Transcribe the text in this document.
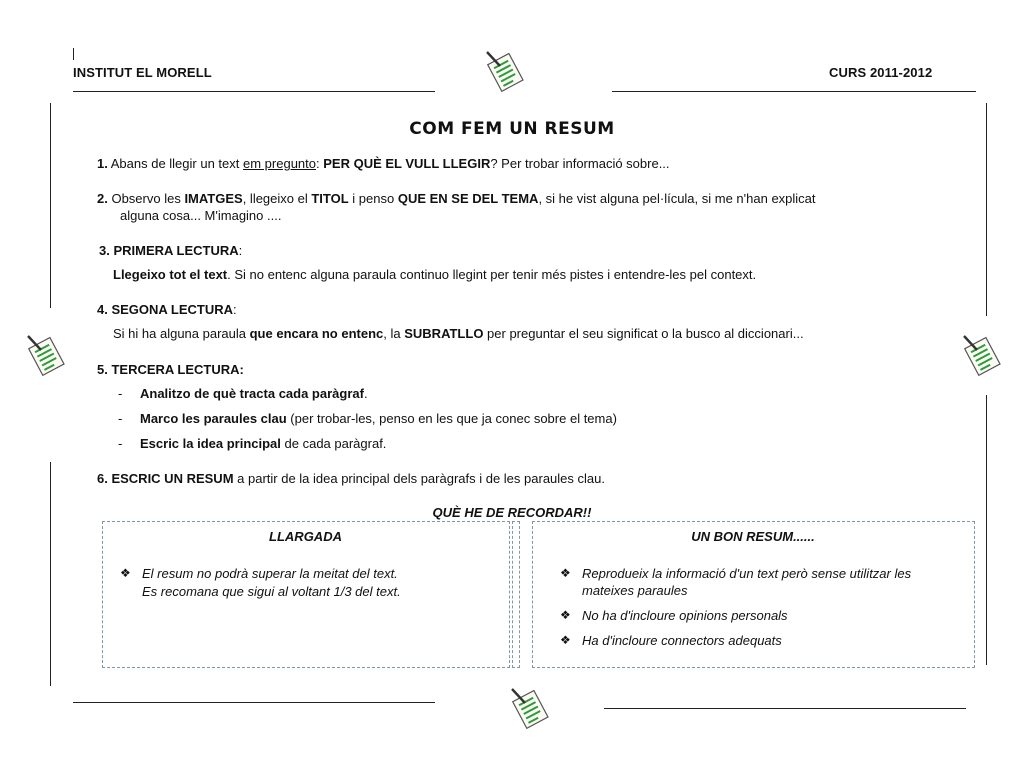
INSTITUT EL MORELL	CURS 2011-2012
COM FEM UN RESUM
1. Abans de llegir un text em pregunto: PER QUÈ EL VULL LLEGIR? Per trobar informació sobre...
2. Observo les IMATGES, llegeixo el TITOL i penso QUE EN SE DEL TEMA, si he vist alguna pel·lícula, si me n'han explicat
alguna cosa... M'imagino ....
3. PRIMERA LECTURA:
Llegeixo tot el text. Si no entenc alguna paraula continuo llegint per tenir més pistes i entendre-les pel context.
4. SEGONA LECTURA:
Si hi ha alguna paraula que encara no entenc, la SUBRATLLO per preguntar el seu significat o la busco al diccionari...
5. TERCERA LECTURA:
- Analitzo de què tracta cada paràgraf.
- Marco les paraules clau (per trobar-les, penso en les que ja conec sobre el tema)
- Escric la idea principal de cada paràgraf.
6. ESCRIC UN RESUM a partir de la idea principal dels paràgrafs i de les paraules clau.
QUÈ HE DE RECORDAR!!
LLARGADA	UN BON RESUM......
❖ El resum no podrà superar la meitat del text.
Es recomana que sigui al voltant 1/3 del text.
❖ Reprodueix la informació d'un text però sense utilitzar les
mateixes paraules
❖ No ha d'incloure opinions personals
❖ Ha d'incloure connectors adequats
